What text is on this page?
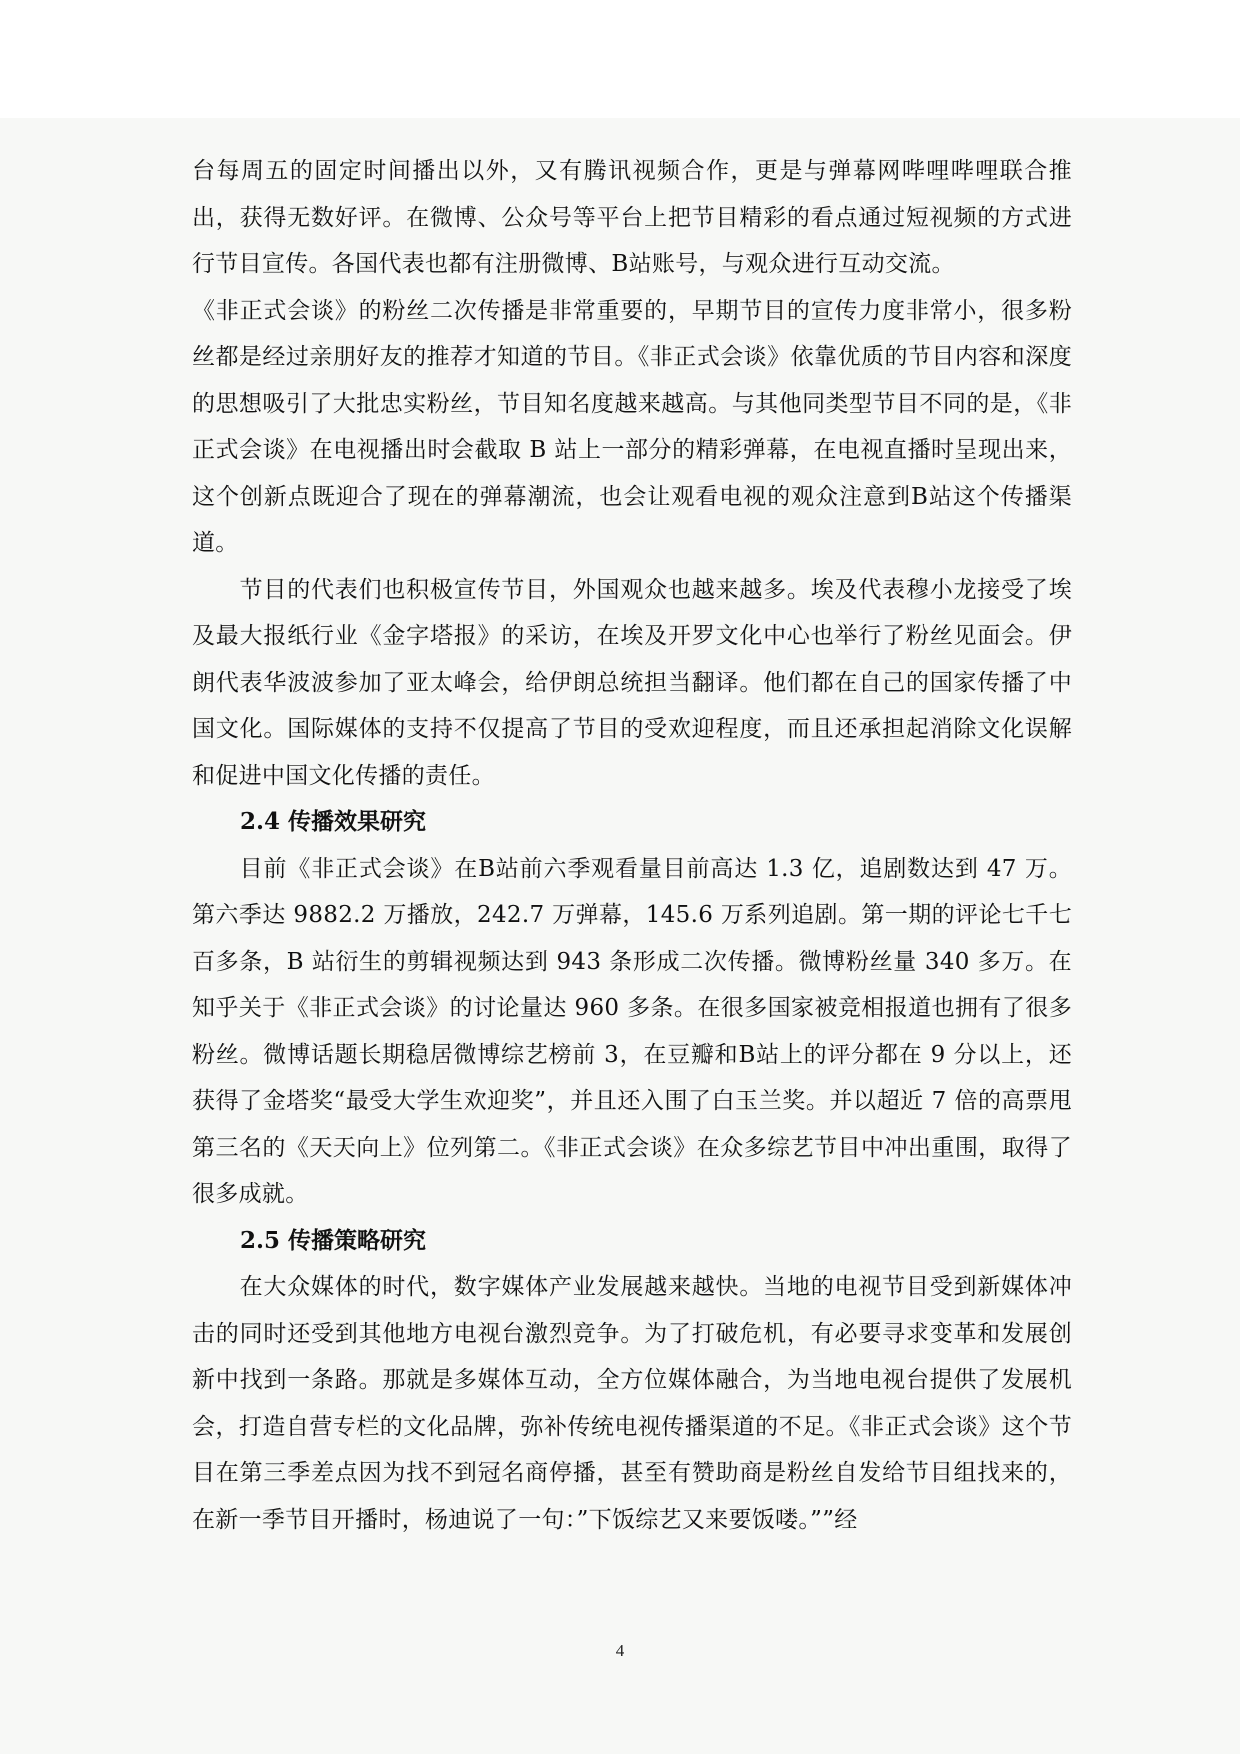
台每周五的固定时间播出以外，又有腾讯视频合作，更是与弹幕网哔哩哔哩联合推出，获得无数好评。在微博、公众号等平台上把节目精彩的看点通过短视频的方式进行节目宣传。各国代表也都有注册微博、B站账号，与观众进行互动交流。

《非正式会谈》的粉丝二次传播是非常重要的，早期节目的宣传力度非常小，很多粉丝都是经过亲朋好友的推荐才知道的节目。《非正式会谈》依靠优质的节目内容和深度的思想吸引了大批忠实粉丝，节目知名度越来越高。与其他同类型节目不同的是，《非正式会谈》在电视播出时会截取 B 站上一部分的精彩弹幕，在电视直播时呈现出来，这个创新点既迎合了现在的弹幕潮流，也会让观看电视的观众注意到B站这个传播渠道。

　　节目的代表们也积极宣传节目，外国观众也越来越多。埃及代表穆小龙接受了埃及最大报纸行业《金字塔报》的采访，在埃及开罗文化中心也举行了粉丝见面会。伊朗代表华波波参加了亚太峰会，给伊朗总统担当翻译。他们都在自己的国家传播了中国文化。国际媒体的支持不仅提高了节目的受欢迎程度，而且还承担起消除文化误解和促进中国文化传播的责任。

2.4 传播效果研究

　　目前《非正式会谈》在B站前六季观看量目前高达 1.3 亿，追剧数达到 47 万。第六季达 9882.2 万播放，242.7 万弹幕，145.6 万系列追剧。第一期的评论七千七百多条，B 站衍生的剪辑视频达到 943 条形成二次传播。微博粉丝量 340 多万。在知乎关于《非正式会谈》的讨论量达 960 多条。在很多国家被竞相报道也拥有了很多粉丝。微博话题长期稳居微博综艺榜前 3，在豆瓣和B站上的评分都在 9 分以上，还获得了金塔奖“最受大学生欢迎奖”，并且还入围了白玉兰奖。并以超近 7 倍的高票甩第三名的《天天向上》位列第二。《非正式会谈》在众多综艺节目中冲出重围，取得了很多成就。

2.5 传播策略研究

　　在大众媒体的时代，数字媒体产业发展越来越快。当地的电视节目受到新媒体冲击的同时还受到其他地方电视台激烈竞争。为了打破危机，有必要寻求变革和发展创新中找到一条路。那就是多媒体互动，全方位媒体融合，为当地电视台提供了发展机会，打造自营专栏的文化品牌，弥补传统电视传播渠道的不足。《非正式会谈》这个节目在第三季差点因为找不到冠名商停播，甚至有赞助商是粉丝自发给节目组找来的，在新一季节目开播时，杨迪说了一句：”下饭综艺又来要饭喽。””经

4
